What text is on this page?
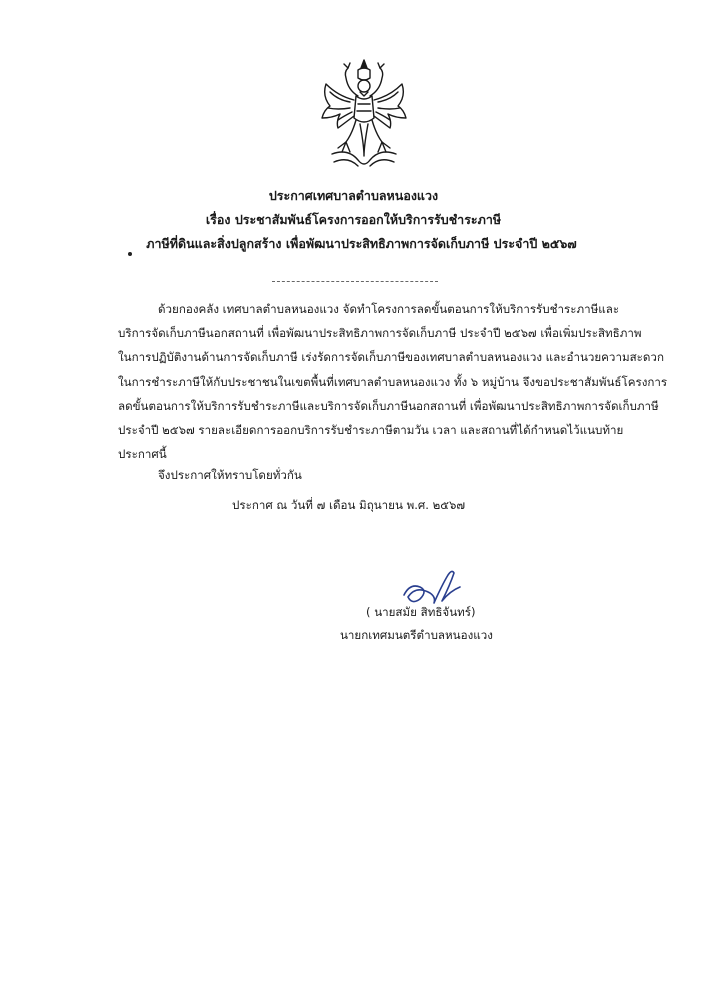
ประกาศเทศบาลตำบลหนองแวง
เรื่อง ประชาสัมพันธ์โครงการออกให้บริการรับชำระภาษี
ภาษีที่ดินและสิ่งปลูกสร้าง เพื่อพัฒนาประสิทธิภาพการจัดเก็บภาษี ประจำปี ๒๕๖๗
ด้วยกองคลัง เทศบาลตำบลหนองแวง จัดทำโครงการลดขั้นตอนการให้บริการรับชำระภาษีและ
บริการจัดเก็บภาษีนอกสถานที่ เพื่อพัฒนาประสิทธิภาพการจัดเก็บภาษี ประจำปี ๒๕๖๗ เพื่อเพิ่มประสิทธิภาพ
ในการปฏิบัติงานด้านการจัดเก็บภาษี เร่งรัดการจัดเก็บภาษีของเทศบาลตำบลหนองแวง และอำนวยความสะดวก
ในการชำระภาษีให้กับประชาชนในเขตพื้นที่เทศบาลตำบลหนองแวง ทั้ง ๖ หมู่บ้าน จึงขอประชาสัมพันธ์โครงการ
ลดขั้นตอนการให้บริการรับชำระภาษีและบริการจัดเก็บภาษีนอกสถานที่ เพื่อพัฒนาประสิทธิภาพการจัดเก็บภาษี
ประจำปี ๒๕๖๗ รายละเอียดการออกบริการรับชำระภาษีตามวัน เวลา และสถานที่ได้กำหนดไว้แนบท้าย
ประกาศนี้
จึงประกาศให้ทราบโดยทั่วกัน
ประกาศ ณ วันที่ ๗ เดือน มิถุนายน พ.ศ. ๒๕๖๗
( นายสมัย สิทธิจันทร์)
นายกเทศมนตรีตำบลหนองแวง
